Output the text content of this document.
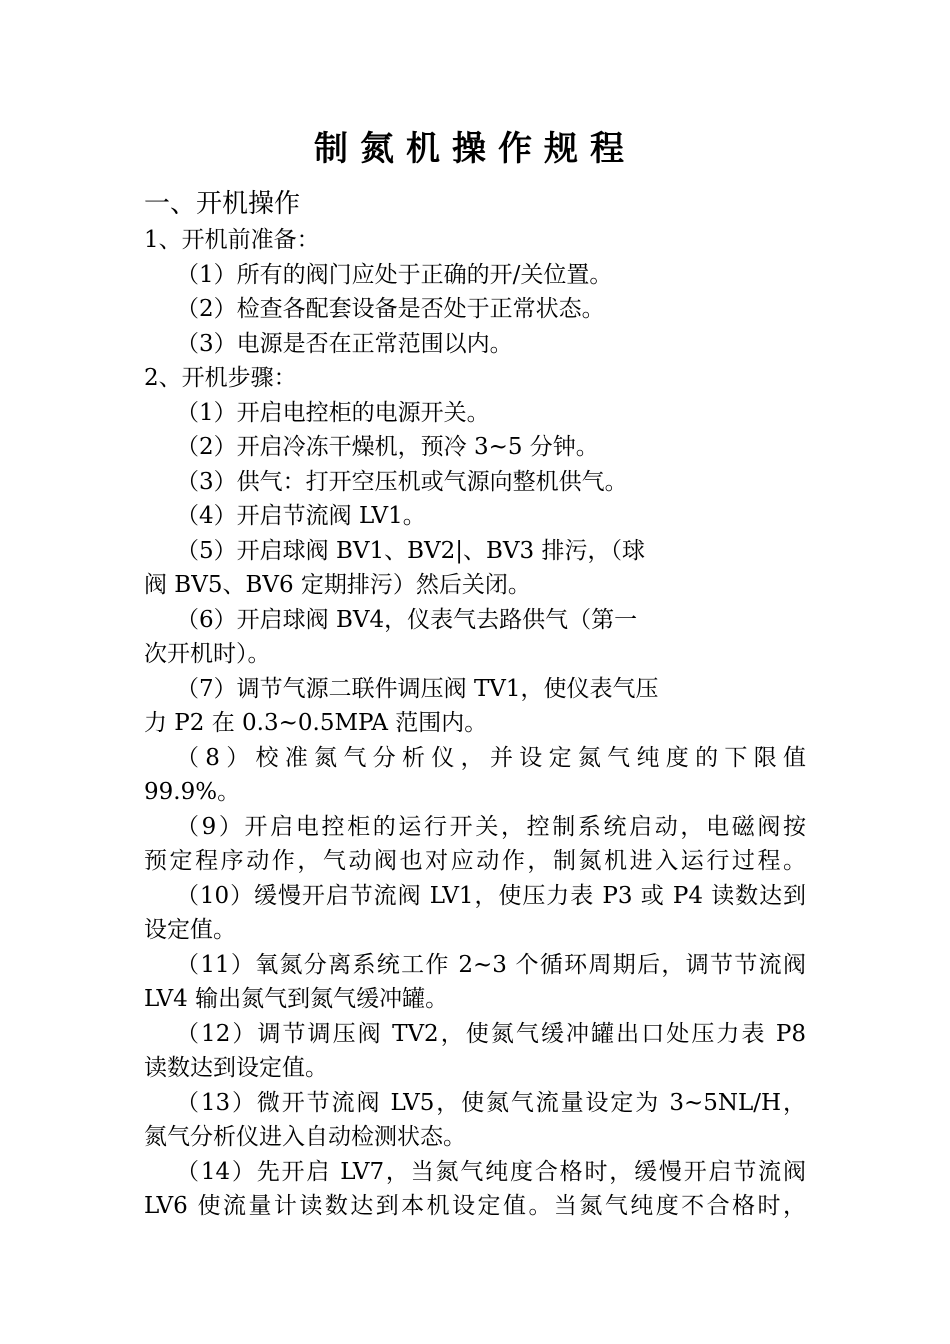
制氮机操作规程
一、开机操作
1、开机前准备：
（1）所有的阀门应处于正确的开/关位置。
（2）检查各配套设备是否处于正常状态。
（3）电源是否在正常范围以内。
2、开机步骤：
（1）开启电控柜的电源开关。
（2）开启冷冻干燥机，预冷 3~5 分钟。
（3）供气：打开空压机或气源向整机供气。
（4）开启节流阀 LV1。
（5）开启球阀 BV1、BV2|、BV3 排污，（球
阀 BV5、BV6 定期排污）然后关闭。
（6）开启球阀 BV4，仪表气去路供气（第一
次开机时）。
（7）调节气源二联件调压阀 TV1，使仪表气压
力 P2 在 0.3~0.5MPA 范围内。
（8）校准氮气分析仪，并设定氮气纯度的下限值
99.9%。
（9）开启电控柜的运行开关，控制系统启动，电磁阀按
预定程序动作，气动阀也对应动作，制氮机进入运行过程。
（10）缓慢开启节流阀 LV1，使压力表 P3 或 P4 读数达到
设定值。
（11）氧氮分离系统工作 2~3 个循环周期后，调节节流阀
LV4 输出氮气到氮气缓冲罐。
（12）调节调压阀 TV2，使氮气缓冲罐出口处压力表 P8
读数达到设定值。
（13）微开节流阀 LV5，使氮气流量设定为 3~5NL/H，
氮气分析仪进入自动检测状态。
（14）先开启 LV7，当氮气纯度合格时，缓慢开启节流阀
LV6 使流量计读数达到本机设定值。当氮气纯度不合格时，
